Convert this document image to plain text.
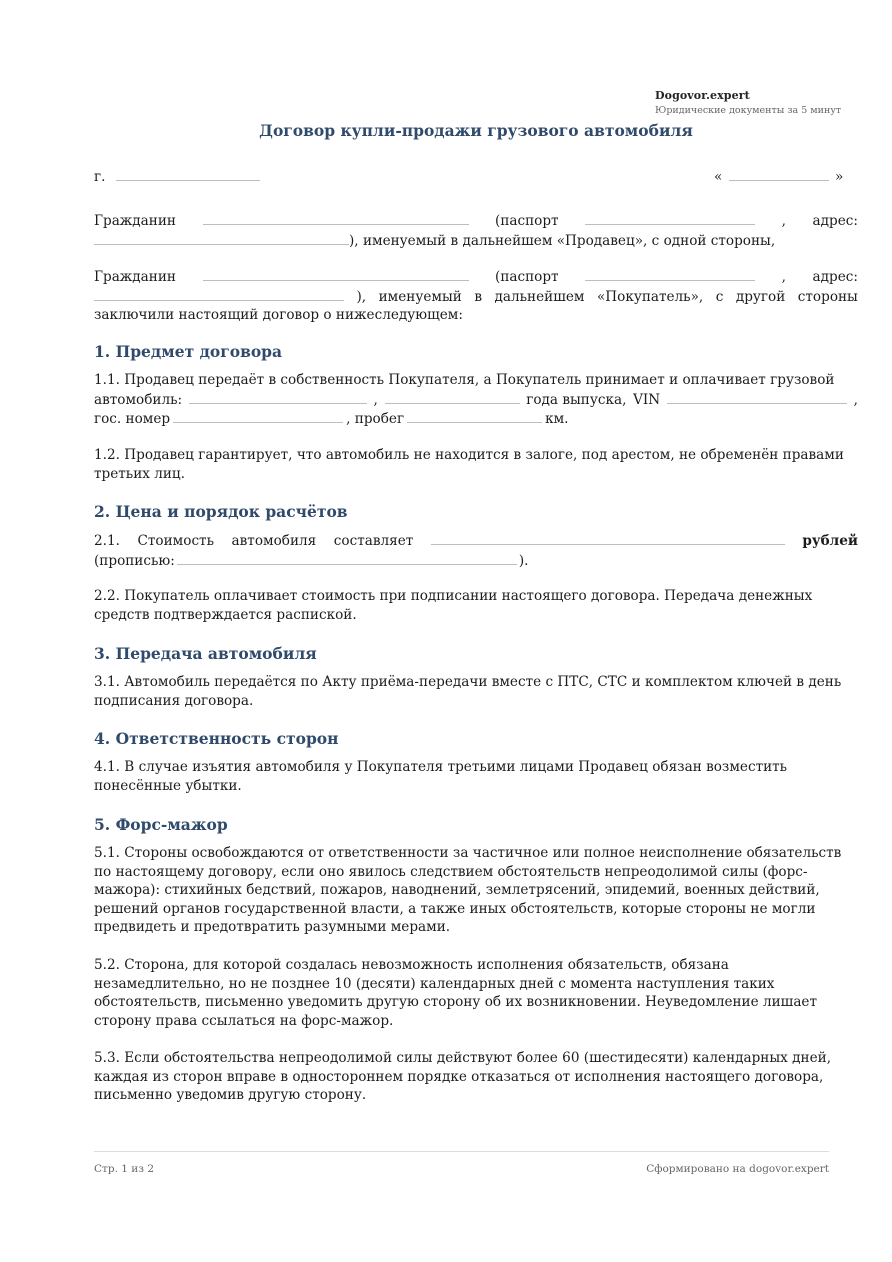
Dogovor.expert
Юридические документы за 5 минут
Договор купли-продажи грузового автомобиля
г.	«	»
Гражданин	(паспорт	, адрес:
), именуемый в дальнейшем «Продавец», с одной стороны,
Гражданин	(паспорт	, адрес:
), именуемый в дальнейшем «Покупатель», с другой стороны
заключили настоящий договор о нижеследующем:
1. Предмет договора
1.1. Продавец передаёт в собственность Покупателя, а Покупатель принимает и оплачивает грузовой
автомобиль:	,	года выпуска, VIN	,
гос. номер	, пробег	км.
1.2. Продавец гарантирует, что автомобиль не находится в залоге, под арестом, не обременён правами третьих лиц.
2. Цена и порядок расчётов
2.1. Стоимость автомобиля составляет	рублей
(прописью:	).
2.2. Покупатель оплачивает стоимость при подписании настоящего договора. Передача денежных средств подтверждается распиской.
3. Передача автомобиля
3.1. Автомобиль передаётся по Акту приёма-передачи вместе с ПТС, СТС и комплектом ключей в день подписания договора.
4. Ответственность сторон
4.1. В случае изъятия автомобиля у Покупателя третьими лицами Продавец обязан возместить понесённые убытки.
5. Форс-мажор
5.1. Стороны освобождаются от ответственности за частичное или полное неисполнение обязательств по настоящему договору, если оно явилось следствием обстоятельств непреодолимой силы (форс-мажора): стихийных бедствий, пожаров, наводнений, землетрясений, эпидемий, военных действий, решений органов государственной власти, а также иных обстоятельств, которые стороны не могли предвидеть и предотвратить разумными мерами.
5.2. Сторона, для которой создалась невозможность исполнения обязательств, обязана незамедлительно, но не позднее 10 (десяти) календарных дней с момента наступления таких обстоятельств, письменно уведомить другую сторону об их возникновении. Неуведомление лишает сторону права ссылаться на форс-мажор.
5.3. Если обстоятельства непреодолимой силы действуют более 60 (шестидесяти) календарных дней, каждая из сторон вправе в одностороннем порядке отказаться от исполнения настоящего договора, письменно уведомив другую сторону.
Стр. 1 из 2	Сформировано на dogovor.expert
